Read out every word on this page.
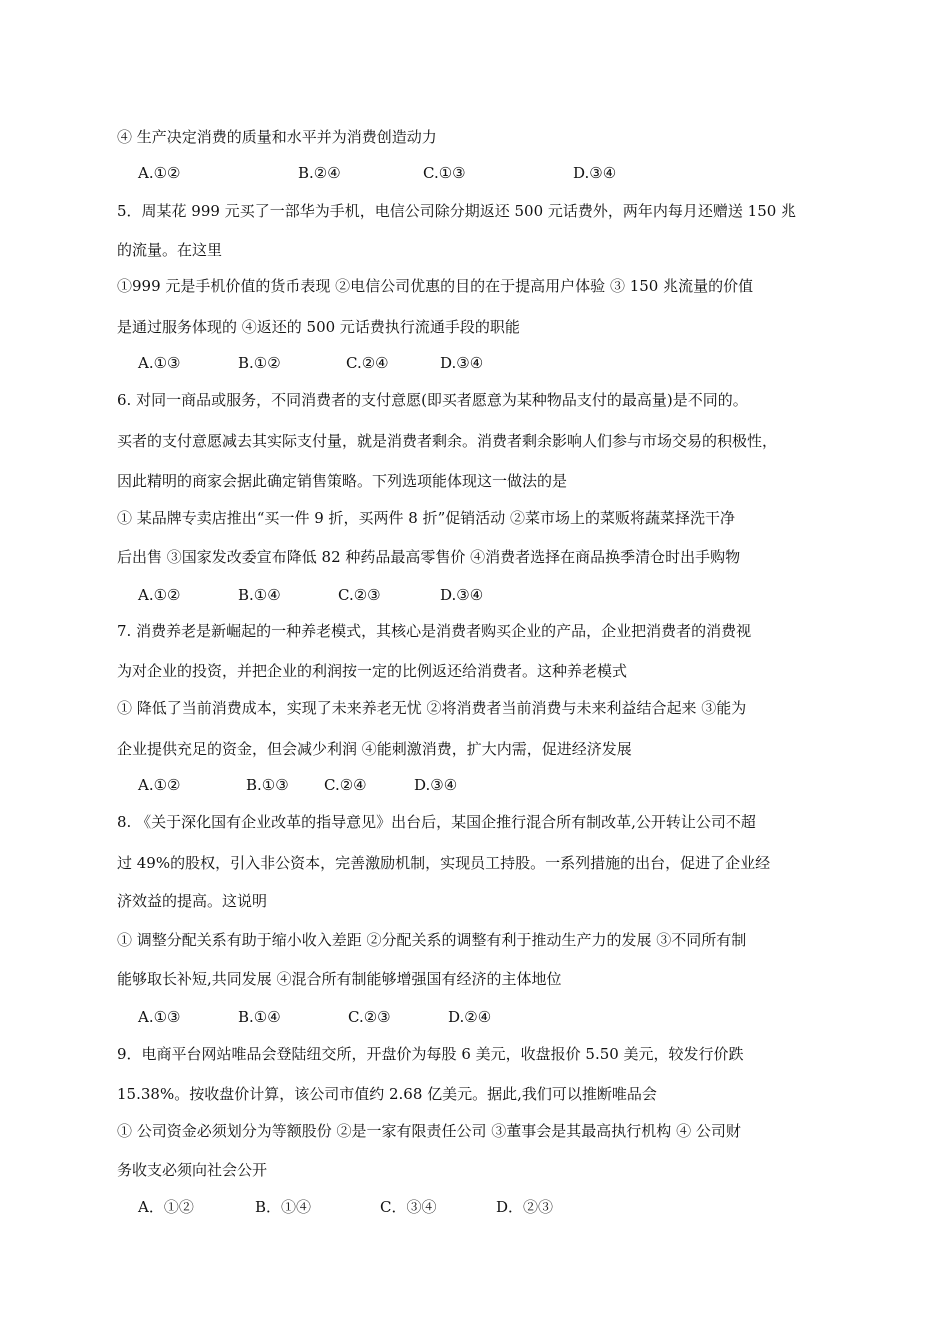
④ 生产决定消费的质量和水平并为消费创造动力
A.①②	B.②④	C.①③	D.③④
5．周某花 999 元买了一部华为手机，电信公司除分期返还 500 元话费外，两年内每月还赠送 150 兆
的流量。在这里
①999 元是手机价值的货币表现 ②电信公司优惠的目的在于提高用户体验 ③ 150 兆流量的价值
是通过服务体现的 ④返还的 500 元话费执行流通手段的职能
A.①③	B.①②	C.②④	D.③④
6. 对同一商品或服务，不同消费者的支付意愿(即买者愿意为某种物品支付的最高量)是不同的。
买者的支付意愿减去其实际支付量，就是消费者剩余。消费者剩余影响人们参与市场交易的积极性，
因此精明的商家会据此确定销售策略。下列选项能体现这一做法的是
① 某品牌专卖店推出“买一件 9 折，买两件 8 折”促销活动 ②菜市场上的菜贩将蔬菜择洗干净
后出售 ③国家发改委宣布降低 82 种药品最高零售价 ④消费者选择在商品换季清仓时出手购物
A.①②	B.①④	C.②③	D.③④
7. 消费养老是新崛起的一种养老模式，其核心是消费者购买企业的产品，企业把消费者的消费视
为对企业的投资，并把企业的利润按一定的比例返还给消费者。这种养老模式
① 降低了当前消费成本，实现了未来养老无忧 ②将消费者当前消费与未来利益结合起来 ③能为
企业提供充足的资金，但会减少利润 ④能刺激消费，扩大内需，促进经济发展
A.①②	B.①③ C.②④	D.③④
8. 《关于深化国有企业改革的指导意见》出台后，某国企推行混合所有制改革,公开转让公司不超
过 49%的股权，引入非公资本，完善激励机制，实现员工持股。一系列措施的出台，促进了企业经
济效益的提高。这说明
① 调整分配关系有助于缩小收入差距 ②分配关系的调整有利于推动生产力的发展 ③不同所有制
能够取长补短,共同发展 ④混合所有制能够增强国有经济的主体地位
A.①③	B.①④	C.②③	D.②④
9．电商平台网站唯品会登陆纽交所，开盘价为每股 6 美元，收盘报价 5.50 美元，较发行价跌
15.38%。按收盘价计算，该公司市值约 2.68 亿美元。据此,我们可以推断唯品会
① 公司资金必须划分为等额股份 ②是一家有限责任公司 ③董事会是其最高执行机构 ④ 公司财
务收支必须向社会公开
A．①②	B．①④	C．③④	D．②③
